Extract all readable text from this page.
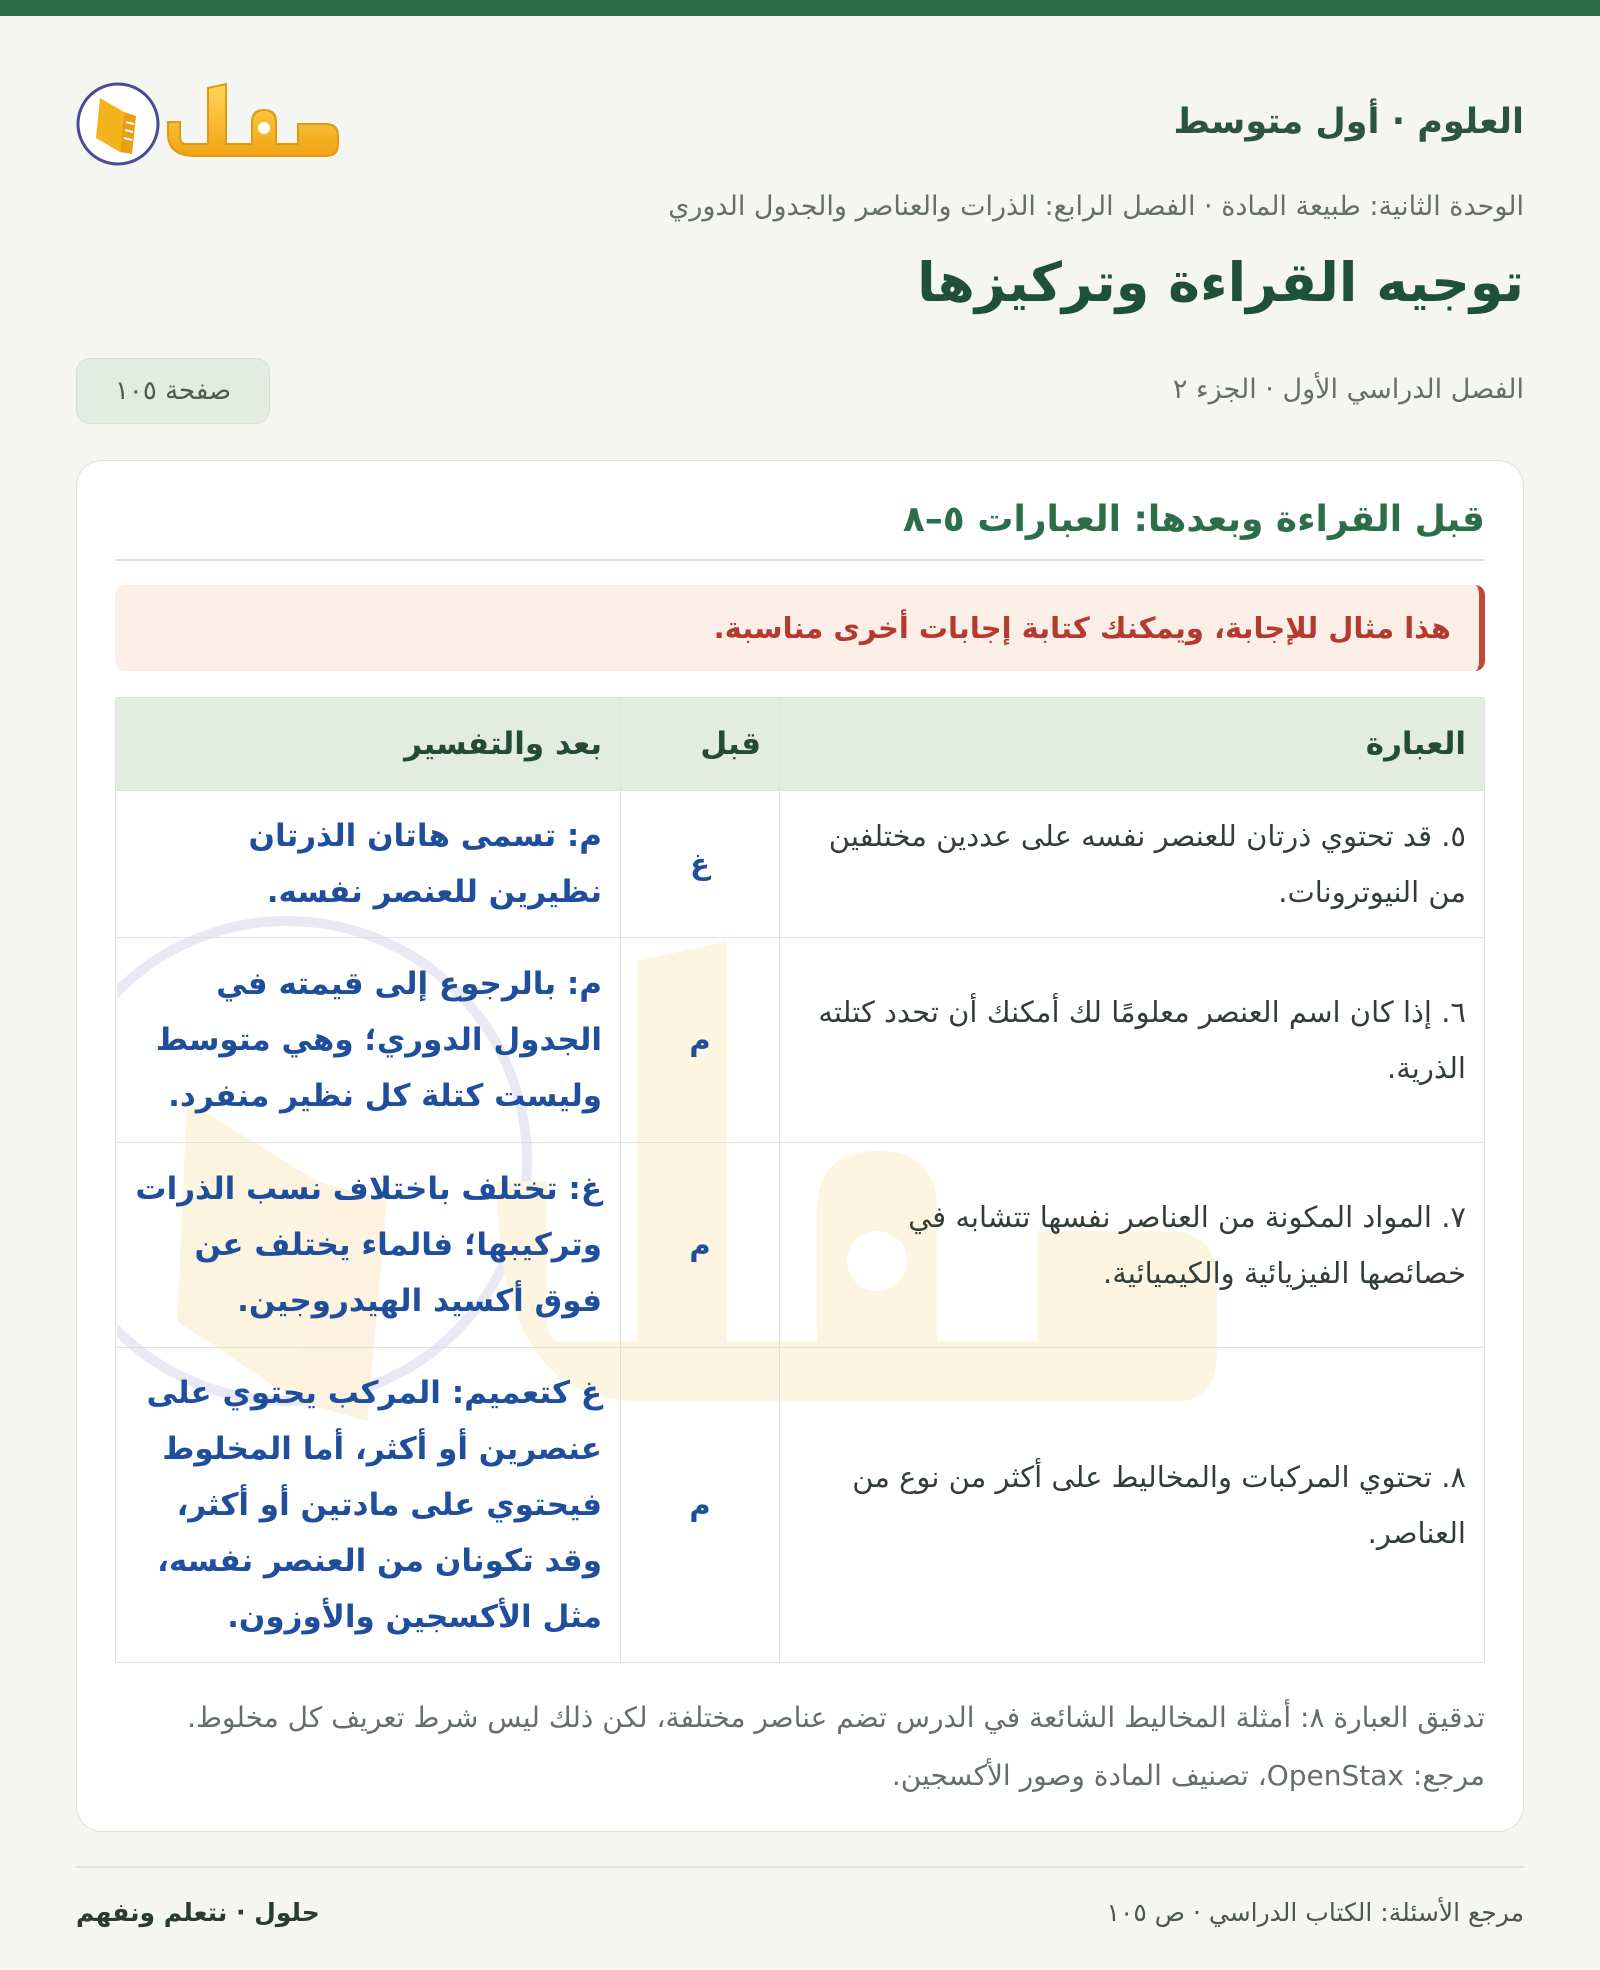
العلوم · أول متوسط
الوحدة الثانية: طبيعة المادة · الفصل الرابع: الذرات والعناصر والجدول الدوري
توجيه القراءة وتركيزها
الفصل الدراسي الأول · الجزء ٢
صفحة ١٠٥
قبل القراءة وبعدها: العبارات ٥–٨
هذا مثال للإجابة، ويمكنك كتابة إجابات أخرى مناسبة.
العبارة	قبل	بعد والتفسير
٥. قد تحتوي ذرتان للعنصر نفسه على عددين مختلفين من النيوترونات.	غ	م: تسمى هاتان الذرتان نظيرين للعنصر نفسه.
٦. إذا كان اسم العنصر معلومًا لك أمكنك أن تحدد كتلته الذرية.	م	م: بالرجوع إلى قيمته في الجدول الدوري؛ وهي متوسط وليست كتلة كل نظير منفرد.
٧. المواد المكونة من العناصر نفسها تتشابه في خصائصها الفيزيائية والكيميائية.	م	غ: تختلف باختلاف نسب الذرات وتركيبها؛ فالماء يختلف عن فوق أكسيد الهيدروجين.
٨. تحتوي المركبات والمخاليط على أكثر من نوع من العناصر.	م	غ كتعميم: المركب يحتوي على عنصرين أو أكثر، أما المخلوط فيحتوي على مادتين أو أكثر، وقد تكونان من العنصر نفسه، مثل الأكسجين والأوزون.
تدقيق العبارة ٨: أمثلة المخاليط الشائعة في الدرس تضم عناصر مختلفة، لكن ذلك ليس شرط تعريف كل مخلوط. مرجع: OpenStax، تصنيف المادة وصور الأكسجين.
مرجع الأسئلة: الكتاب الدراسي · ص ١٠٥
حلول · نتعلم ونفهم
